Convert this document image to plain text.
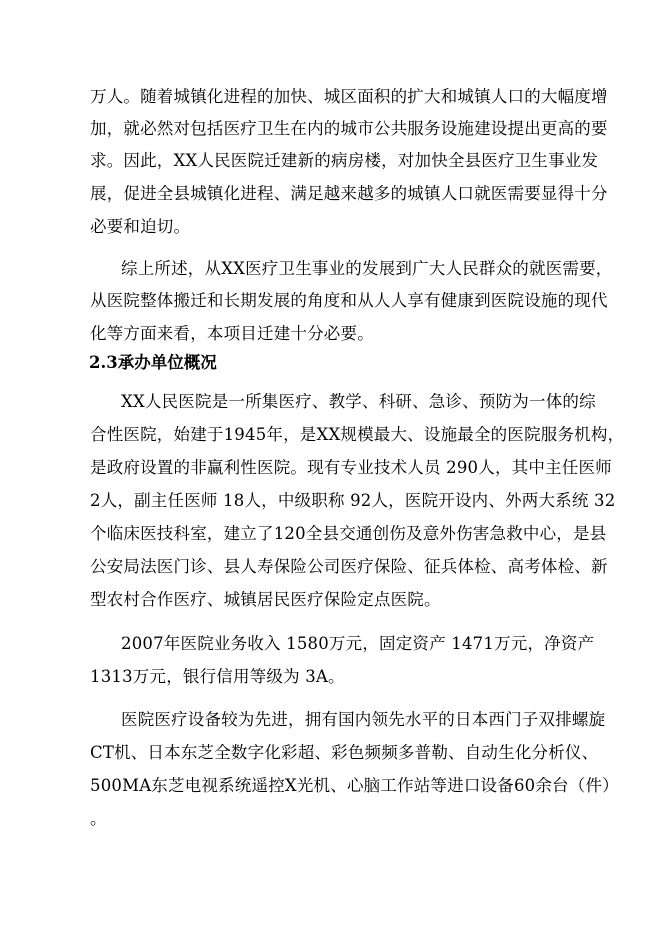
万人。随着城镇化进程的加快、城区面积的扩大和城镇人口的大幅度增
加，就必然对包括医疗卫生在内的城市公共服务设施建设提出更高的要
求。因此，XX人民医院迁建新的病房楼，对加快全县医疗卫生事业发
展，促进全县城镇化进程、满足越来越多的城镇人口就医需要显得十分
必要和迫切。
综上所述，从XX医疗卫生事业的发展到广大人民群众的就医需要，
从医院整体搬迁和长期发展的角度和从人人享有健康到医院设施的现代
化等方面来看，本项目迁建十分必要。
2.3承办单位概况
XX人民医院是一所集医疗、教学、科研、急诊、预防为一体的综
合性医院，始建于1945年，是XX规模最大、设施最全的医院服务机构，
是政府设置的非赢利性医院。现有专业技术人员 290人，其中主任医师
2人，副主任医师 18人，中级职称 92人，医院开设内、外两大系统 32
个临床医技科室，建立了120全县交通创伤及意外伤害急救中心，是县
公安局法医门诊、县人寿保险公司医疗保险、征兵体检、高考体检、新
型农村合作医疗、城镇居民医疗保险定点医院。
2007年医院业务收入 1580万元，固定资产 1471万元，净资产
1313万元，银行信用等级为 3A。
医院医疗设备较为先进，拥有国内领先水平的日本西门子双排螺旋
CT机、日本东芝全数字化彩超、彩色频频多普勒、自动生化分析仪、
500MA东芝电视系统遥控X光机、心脑工作站等进口设备60余台（件）
。
